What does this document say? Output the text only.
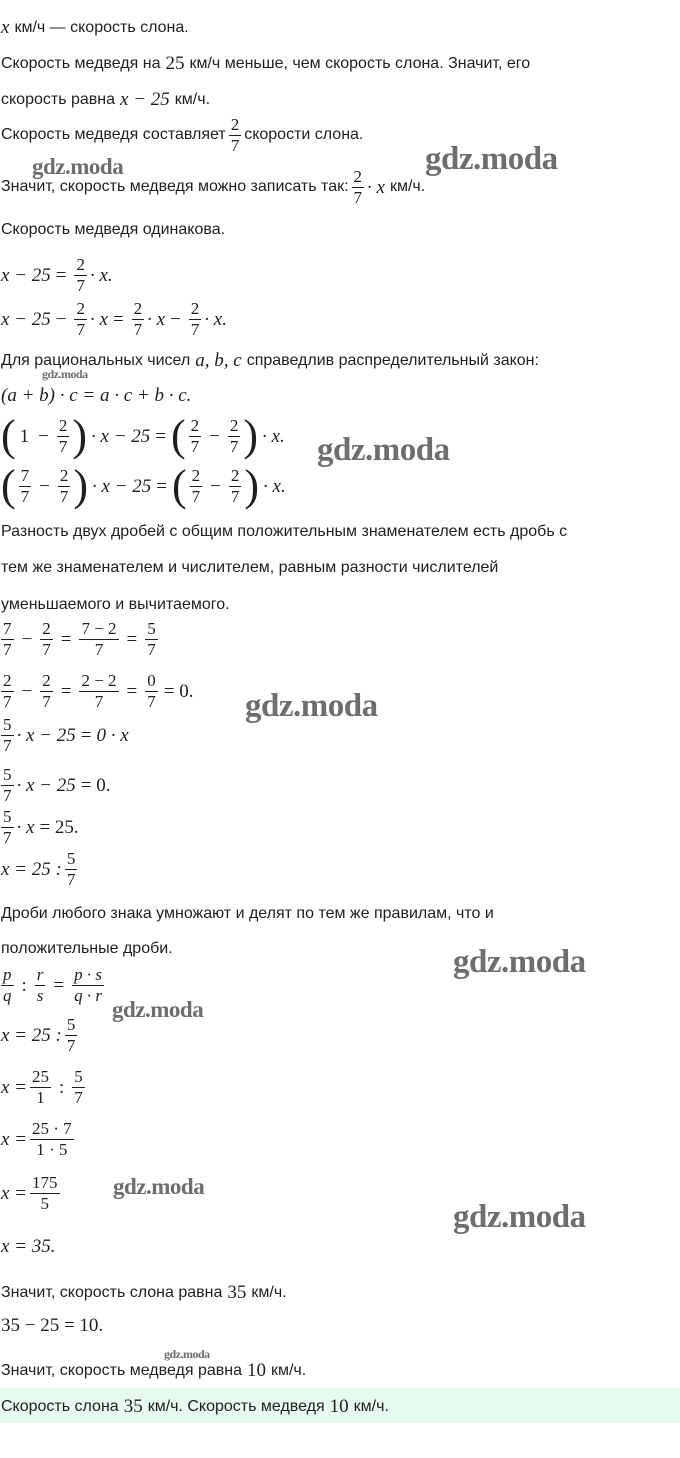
x км/ч — скорость слона.
Скорость медведя на 25 км/ч меньше, чем скорость слона. Значит, его
скорость равна x − 25 км/ч.
Скорость медведя составляет $\frac{2}{7}$ скорости слона.
Значит, скорость медведя можно записать так: $\frac{2}{7} \cdot x$ км/ч.
Скорость медведя одинакова.
$x - 25 = \frac{2}{7} \cdot x$.
$x - 25 - \frac{2}{7} \cdot x = \frac{2}{7} \cdot x - \frac{2}{7} \cdot x$.
Для рациональных чисел a, b, c справедлив распределительный закон:
(a + b) · c = a · c + b · c.
( $1 - \frac{2}{7}$ ) · x − 25 = ( $\frac{2}{7} - \frac{2}{7}$ ) · x.
( $\frac{7}{7} - \frac{2}{7}$ ) · x − 25 = ( $\frac{2}{7} - \frac{2}{7}$ ) · x.
Разность двух дробей с общим положительным знаменателем есть дробь с
тем же знаменателем и числителем, равным разности числителей
уменьшаемого и вычитаемого.
$\frac{7}{7} - \frac{2}{7} = \frac{7 - 2}{7} = \frac{5}{7}$
$\frac{2}{7} - \frac{2}{7} = \frac{2 - 2}{7} = \frac{0}{7} = 0$.
$\frac{5}{7} \cdot x - 25 = 0 \cdot x$
$\frac{5}{7} \cdot x - 25 = 0$.
$\frac{5}{7} \cdot x = 25$.
x = 25 : $\frac{5}{7}$
Дроби любого знака умножают и делят по тем же правилам, что и
положительные дроби.
$\frac{p}{q}$ : $\frac{r}{s} = \frac{p \cdot s}{q \cdot r}$
x = 25 : $\frac{5}{7}$
$x = \frac{25}{1}$ : $\frac{5}{7}$
$x = \frac{25 \cdot 7}{1 \cdot 5}$
$x = \frac{175}{5}$
x = 35.
Значит, скорость слона равна 35 км/ч.
35 − 25 = 10.
Значит, скорость медведя равна 10 км/ч.
Скорость слона 35 км/ч. Скорость медведя 10 км/ч.
gdz.moda	gdz.moda
gdz.moda
gdz.moda
gdz.moda
gdz.moda
gdz.moda
gdz.moda
gdz.moda
gdz.moda
